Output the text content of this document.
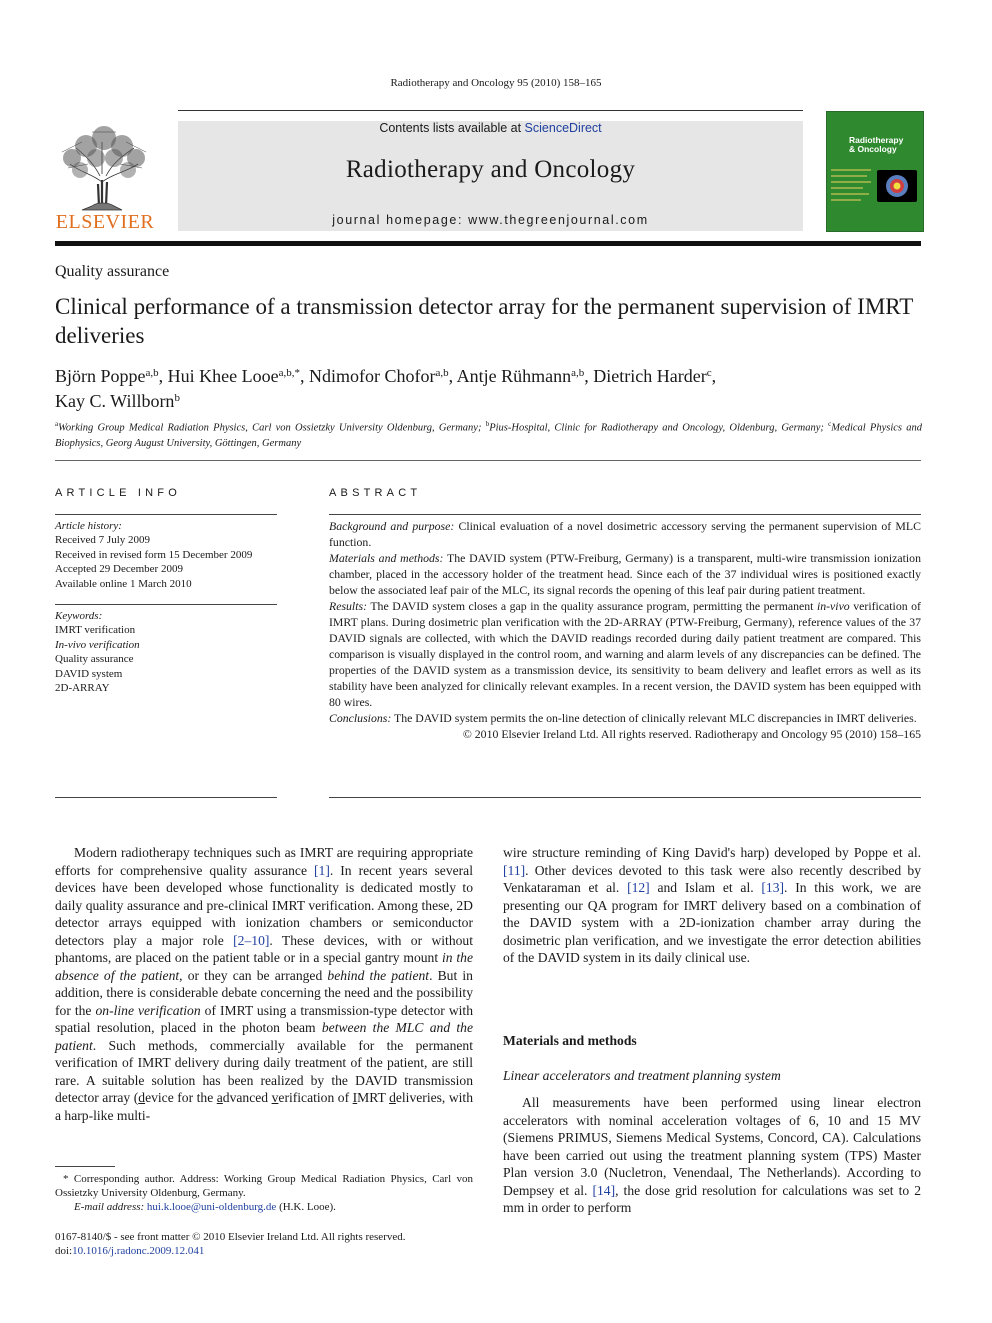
Radiotherapy and Oncology 95 (2010) 158–165
ELSEVIER
Contents lists available at ScienceDirect
Radiotherapy and Oncology
journal homepage: www.thegreenjournal.com
Radiotherapy
& Oncology
Quality assurance
Clinical performance of a transmission detector array for the permanent supervision of IMRT deliveries
Björn Poppe$^{a,b}$, Hui Khee Looe$^{a,b,*}$, Ndimofor Chofor$^{a,b}$, Antje Rühmann$^{a,b}$, Dietrich Harder$^c$,
Kay C. Willborn$^b$
$^a$Working Group Medical Radiation Physics, Carl von Ossietzky University Oldenburg, Germany; $^b$Pius-Hospital, Clinic for Radiotherapy and Oncology, Oldenburg, Germany; $^c$Medical Physics and Biophysics, Georg August University, Göttingen, Germany
ARTICLE INFO
Article history:
Received 7 July 2009
Received in revised form 15 December 2009
Accepted 29 December 2009
Available online 1 March 2010
Keywords:
IMRT verification
In-vivo verification
Quality assurance
DAVID system
2D-ARRAY
ABSTRACT

Background and purpose: Clinical evaluation of a novel dosimetric accessory serving the permanent supervision of MLC function.

Materials and methods: The DAVID system (PTW-Freiburg, Germany) is a transparent, multi-wire transmission ionization chamber, placed in the accessory holder of the treatment head. Since each of the 37 individual wires is positioned exactly below the associated leaf pair of the MLC, its signal records the opening of this leaf pair during patient treatment.

Results: The DAVID system closes a gap in the quality assurance program, permitting the permanent in-vivo verification of IMRT plans. During dosimetric plan verification with the 2D-ARRAY (PTW-Freiburg, Germany), reference values of the 37 DAVID signals are collected, with which the DAVID readings recorded during daily patient treatment are compared. This comparison is visually displayed in the control room, and warning and alarm levels of any discrepancies can be defined. The properties of the DAVID system as a transmission device, its sensitivity to beam delivery and leaflet errors as well as its stability have been analyzed for clinically relevant examples. In a recent version, the DAVID system has been equipped with 80 wires.

Conclusions: The DAVID system permits the on-line detection of clinically relevant MLC discrepancies in IMRT deliveries.

© 2010 Elsevier Ireland Ltd. All rights reserved. Radiotherapy and Oncology 95 (2010) 158–165

Modern radiotherapy techniques such as IMRT are requiring appropriate efforts for comprehensive quality assurance [1]. In recent years several devices have been developed whose functionality is dedicated mostly to daily quality assurance and pre-clinical IMRT verification. Among these, 2D detector arrays equipped with ionization chambers or semiconductor detectors play a major role [2–10]. These devices, with or without phantoms, are placed on the patient table or in a special gantry mount in the absence of the patient, or they can be arranged behind the patient. But in addition, there is considerable debate concerning the need and the possibility for the on-line verification of IMRT using a transmission-type detector with spatial resolution, placed in the photon beam between the MLC and the patient. Such methods, commercially available for the permanent verification of IMRT delivery during daily treatment of the patient, are still rare. A suitable solution has been realized by the DAVID transmission detector array (device for the advanced verification of IMRT deliveries, with a harp-like multi-

wire structure reminding of King David's harp) developed by Poppe et al. [11]. Other devices devoted to this task were also recently described by Venkataraman et al. [12] and Islam et al. [13]. In this work, we are presenting our QA program for IMRT delivery based on a combination of the DAVID system with a 2D-ionization chamber array during the dosimetric plan verification, and we investigate the error detection abilities of the DAVID system in its daily clinical use.

Materials and methods
Linear accelerators and treatment planning system

All measurements have been performed using linear electron accelerators with nominal acceleration voltages of 6, 10 and 15 MV (Siemens PRIMUS, Siemens Medical Systems, Concord, CA). Calculations have been carried out using the treatment planning system (TPS) Master Plan version 3.0 (Nucletron, Venendaal, The Netherlands). According to Dempsey et al. [14], the dose grid resolution for calculations was set to 2 mm in order to perform

* Corresponding author. Address: Working Group Medical Radiation Physics, Carl von Ossietzky University Oldenburg, Germany.
E-mail address: hui.k.looe@uni-oldenburg.de (H.K. Looe).
0167-8140/$ - see front matter © 2010 Elsevier Ireland Ltd. All rights reserved.
doi:10.1016/j.radonc.2009.12.041
